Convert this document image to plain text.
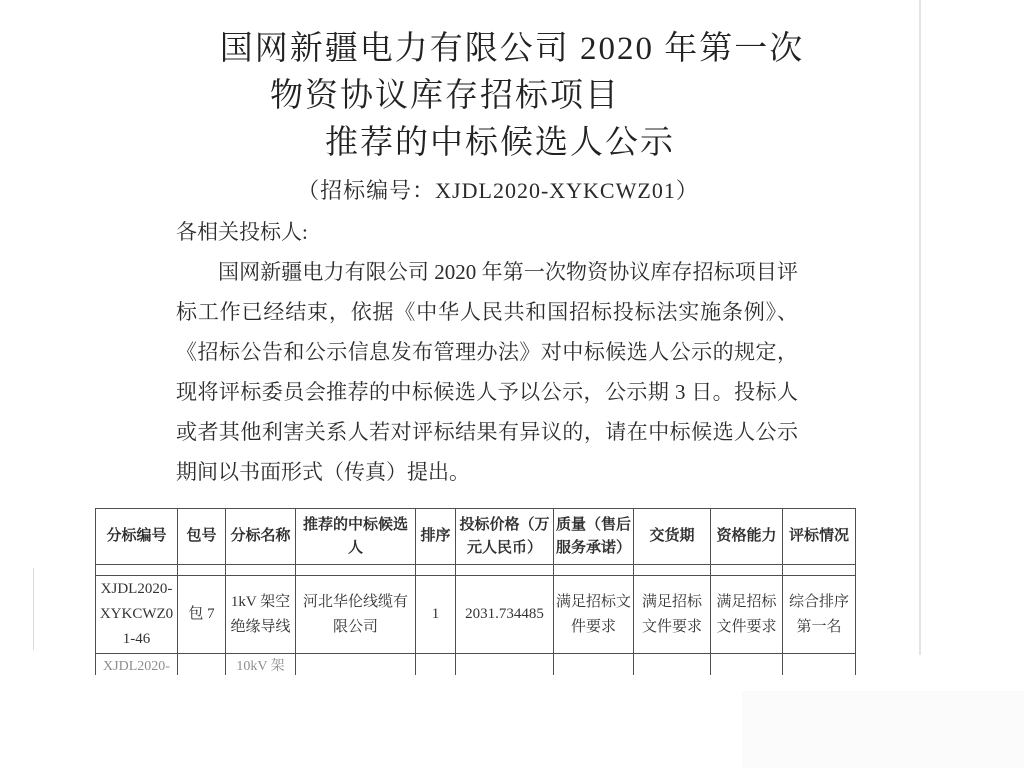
国网新疆电力有限公司 2020 年第一次
物资协议库存招标项目
推荐的中标候选人公示
（招标编号：XJDL2020-XYKCWZ01）
各相关投标人:

国网新疆电力有限公司 2020 年第一次物资协议库存招标项目评标工作已经结束，依据《中华人民共和国招标投标法实施条例》、《招标公告和公示信息发布管理办法》对中标候选人公示的规定，现将评标委员会推荐的中标候选人予以公示，公示期 3 日。投标人或者其他利害关系人若对评标结果有异议的，请在中标候选人公示期间以书面形式（传真）提出。

分标编号	包号	分标名称	推荐的中标候选人	排序	投标价格（万元人民币）	质量（售后服务承诺）	交货期	资格能力	评标情况

XJDL2020-XYKCWZ01-46	包 7	1kV 架空绝缘导线	河北华伦线缆有限公司	1	2031.734485	满足招标文件要求	满足招标文件要求	满足招标文件要求	综合排序第一名

XJDL2020-		10kV 架							
